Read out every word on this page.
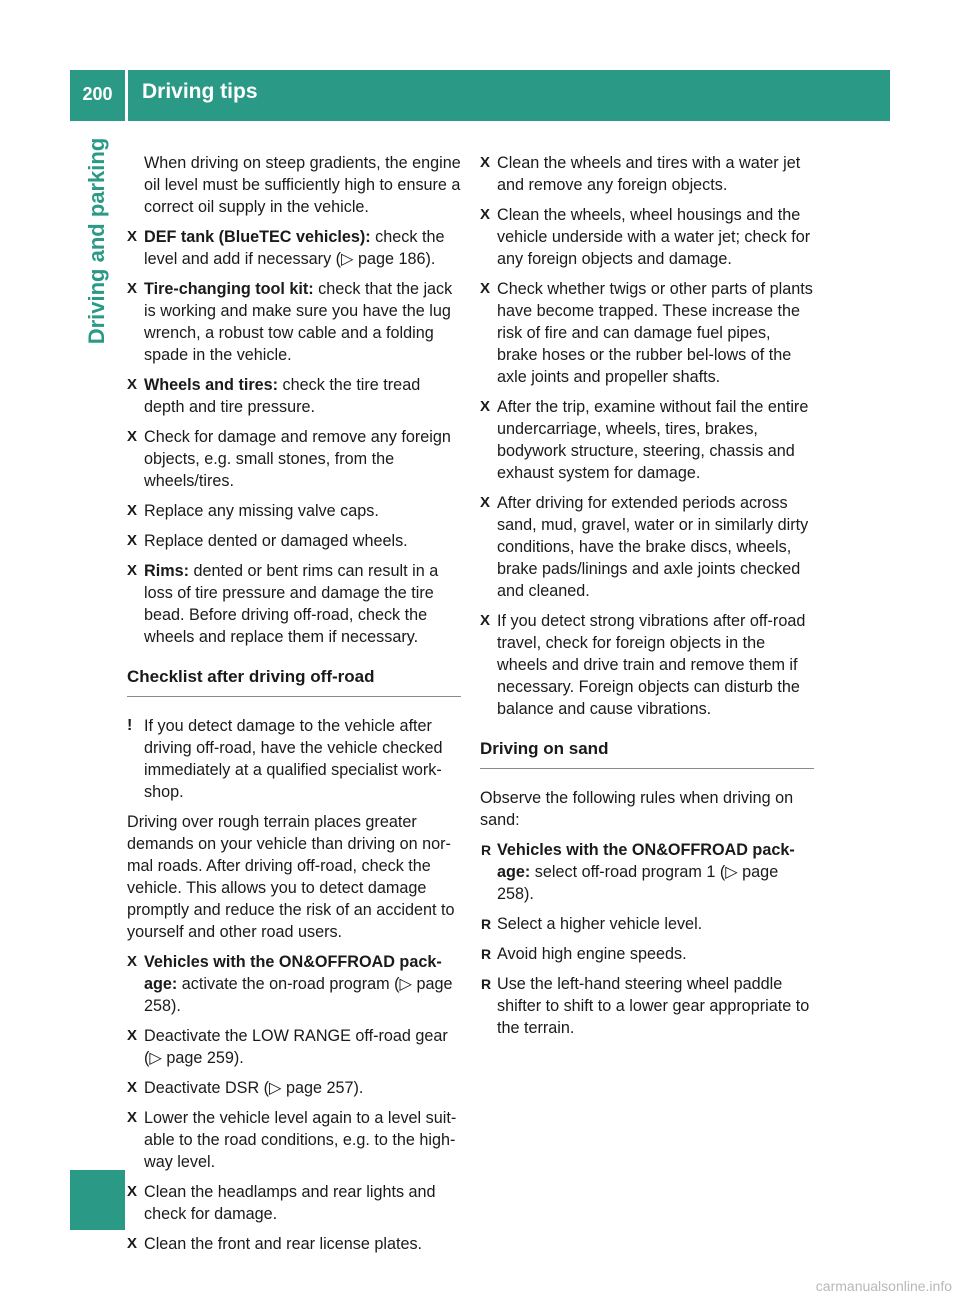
200	Driving tips
Driving and parking	When driving on steep gradients, the engine oil level must be sufficiently high to ensure a correct oil supply in the vehicle.

X DEF tank (BlueTEC vehicles): check the level and add if necessary (▷ page 186).
X Tire-changing tool kit: check that the jack is working and make sure you have the lug wrench, a robust tow cable and a folding spade in the vehicle.
X Wheels and tires: check the tire tread depth and tire pressure.
X Check for damage and remove any foreign objects, e.g. small stones, from the wheels/tires.
X Replace any missing valve caps.
X Replace dented or damaged wheels.
X Rims: dented or bent rims can result in a loss of tire pressure and damage the tire bead. Before driving off-road, check the wheels and replace them if necessary.
Checklist after driving off-road
! If you detect damage to the vehicle after driving off-road, have the vehicle checked immediately at a qualified specialist work-shop.

Driving over rough terrain places greater demands on your vehicle than driving on nor-mal roads. After driving off-road, check the vehicle. This allows you to detect damage promptly and reduce the risk of an accident to yourself and other road users.

X Vehicles with the ON&OFFROAD pack-age: activate the on-road program (▷ page 258).
X Deactivate the LOW RANGE off-road gear (▷ page 259).
X Deactivate DSR (▷ page 257).
X Lower the vehicle level again to a level suit-able to the road conditions, e.g. to the high-way level.
X Clean the headlamps and rear lights and check for damage.
X Clean the front and rear license plates.
X Clean the wheels and tires with a water jet and remove any foreign objects.
X Clean the wheels, wheel housings and the vehicle underside with a water jet; check for any foreign objects and damage.
X Check whether twigs or other parts of plants have become trapped. These increase the risk of fire and can damage fuel pipes, brake hoses or the rubber bel-lows of the axle joints and propeller shafts.
X After the trip, examine without fail the entire undercarriage, wheels, tires, brakes, bodywork structure, steering, chassis and exhaust system for damage.
X After driving for extended periods across sand, mud, gravel, water or in similarly dirty conditions, have the brake discs, wheels, brake pads/linings and axle joints checked and cleaned.
X If you detect strong vibrations after off-road travel, check for foreign objects in the wheels and drive train and remove them if necessary. Foreign objects can disturb the balance and cause vibrations.
Driving on sand

Observe the following rules when driving on sand:

R Vehicles with the ON&OFFROAD pack-age: select off-road program 1 (▷ page 258).
R Select a higher vehicle level.
R Avoid high engine speeds.
R Use the left-hand steering wheel paddle shifter to shift to a lower gear appropriate to the terrain.
carmanualsonline.info
